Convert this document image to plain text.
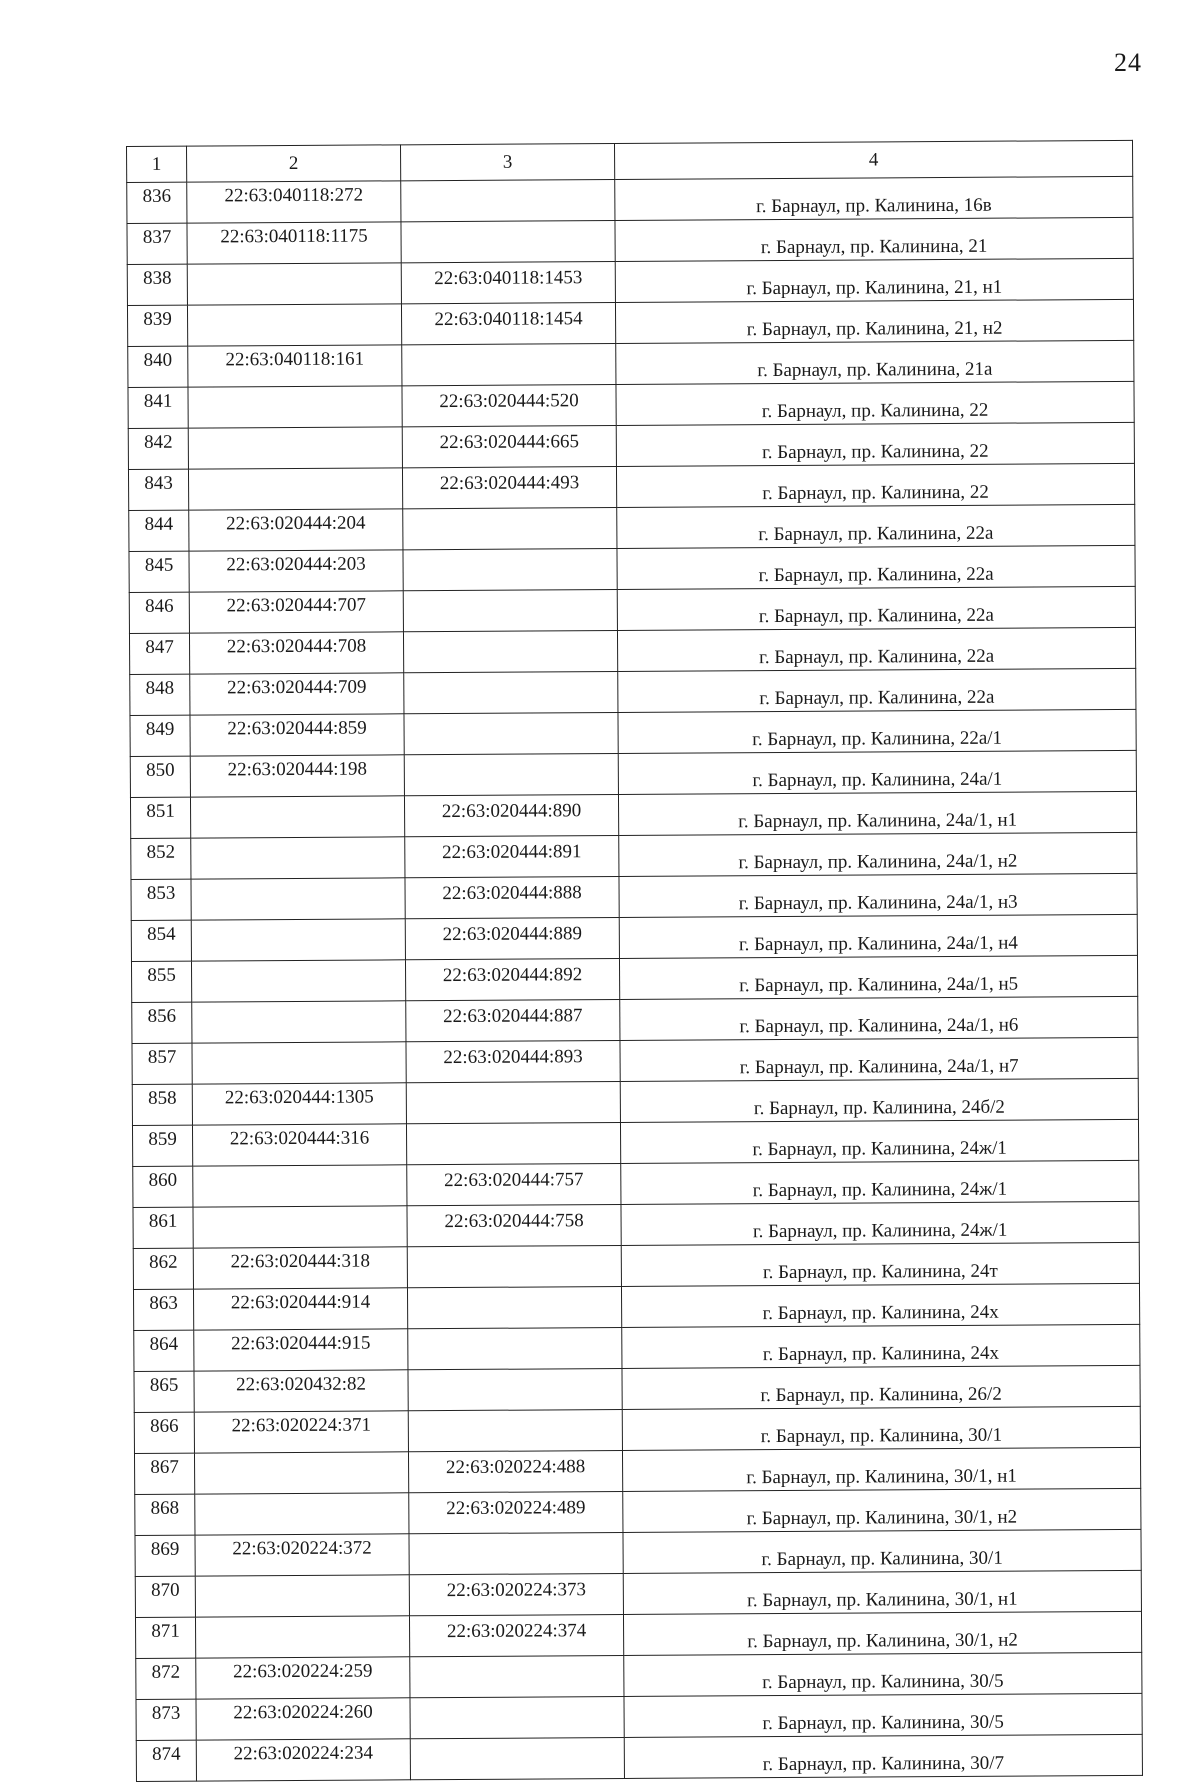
24
1	2	3	4
836	22:63:040118:272		г. Барнаул, пр. Калинина, 16в
837	22:63:040118:1175		г. Барнаул, пр. Калинина, 21
838		22:63:040118:1453	г. Барнаул, пр. Калинина, 21, н1
839		22:63:040118:1454	г. Барнаул, пр. Калинина, 21, н2
840	22:63:040118:161		г. Барнаул, пр. Калинина, 21а
841		22:63:020444:520	г. Барнаул, пр. Калинина, 22
842		22:63:020444:665	г. Барнаул, пр. Калинина, 22
843		22:63:020444:493	г. Барнаул, пр. Калинина, 22
844	22:63:020444:204		г. Барнаул, пр. Калинина, 22а
845	22:63:020444:203		г. Барнаул, пр. Калинина, 22а
846	22:63:020444:707		г. Барнаул, пр. Калинина, 22а
847	22:63:020444:708		г. Барнаул, пр. Калинина, 22а
848	22:63:020444:709		г. Барнаул, пр. Калинина, 22а
849	22:63:020444:859		г. Барнаул, пр. Калинина, 22а/1
850	22:63:020444:198		г. Барнаул, пр. Калинина, 24а/1
851		22:63:020444:890	г. Барнаул, пр. Калинина, 24а/1, н1
852		22:63:020444:891	г. Барнаул, пр. Калинина, 24а/1, н2
853		22:63:020444:888	г. Барнаул, пр. Калинина, 24а/1, н3
854		22:63:020444:889	г. Барнаул, пр. Калинина, 24а/1, н4
855		22:63:020444:892	г. Барнаул, пр. Калинина, 24а/1, н5
856		22:63:020444:887	г. Барнаул, пр. Калинина, 24а/1, н6
857		22:63:020444:893	г. Барнаул, пр. Калинина, 24а/1, н7
858	22:63:020444:1305		г. Барнаул, пр. Калинина, 24б/2
859	22:63:020444:316		г. Барнаул, пр. Калинина, 24ж/1
860		22:63:020444:757	г. Барнаул, пр. Калинина, 24ж/1
861		22:63:020444:758	г. Барнаул, пр. Калинина, 24ж/1
862	22:63:020444:318		г. Барнаул, пр. Калинина, 24т
863	22:63:020444:914		г. Барнаул, пр. Калинина, 24х
864	22:63:020444:915		г. Барнаул, пр. Калинина, 24х
865	22:63:020432:82		г. Барнаул, пр. Калинина, 26/2
866	22:63:020224:371		г. Барнаул, пр. Калинина, 30/1
867		22:63:020224:488	г. Барнаул, пр. Калинина, 30/1, н1
868		22:63:020224:489	г. Барнаул, пр. Калинина, 30/1, н2
869	22:63:020224:372		г. Барнаул, пр. Калинина, 30/1
870		22:63:020224:373	г. Барнаул, пр. Калинина, 30/1, н1
871		22:63:020224:374	г. Барнаул, пр. Калинина, 30/1, н2
872	22:63:020224:259		г. Барнаул, пр. Калинина, 30/5
873	22:63:020224:260		г. Барнаул, пр. Калинина, 30/5
874	22:63:020224:234		г. Барнаул, пр. Калинина, 30/7
